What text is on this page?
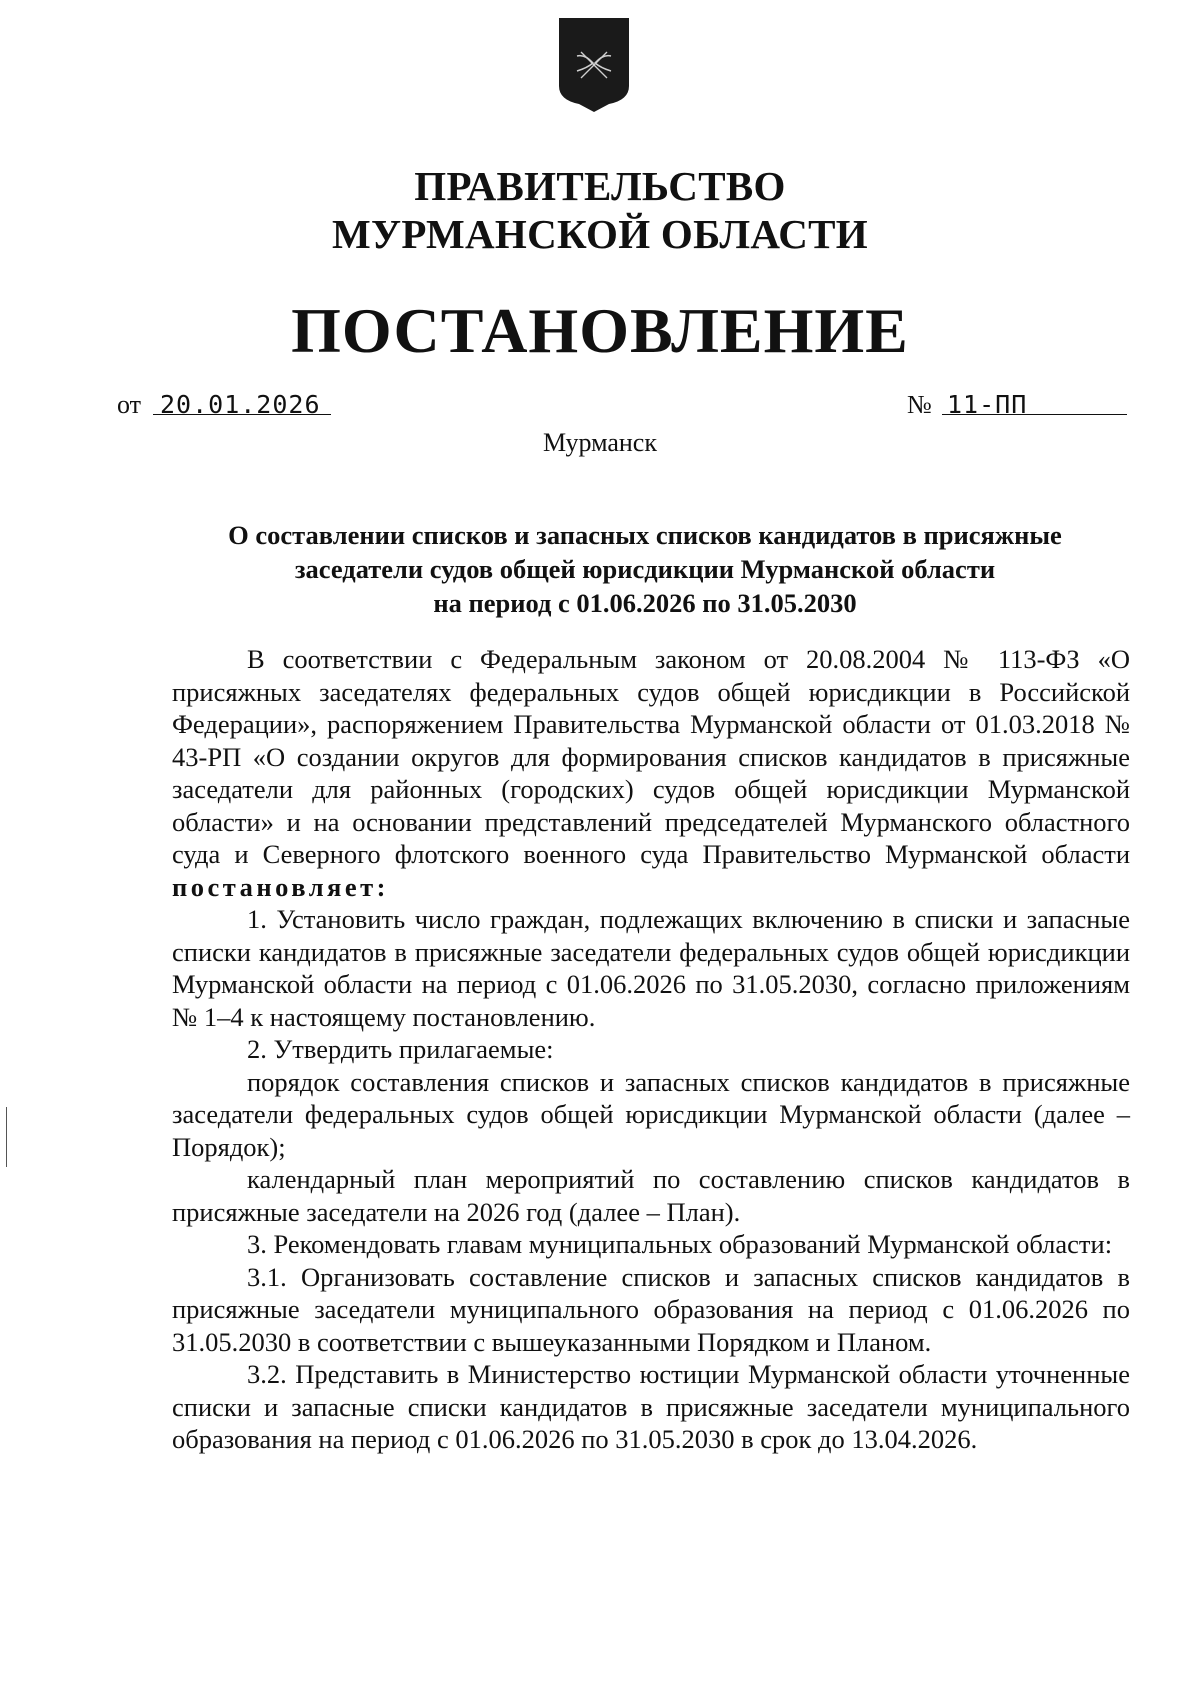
ПРАВИТЕЛЬСТВО
МУРМАНСКОЙ ОБЛАСТИ
ПОСТАНОВЛЕНИЕ
от 20.01.2026	№ 11-ПП
Мурманск
О составлении списков и запасных списков кандидатов в присяжные
заседатели судов общей юрисдикции Мурманской области
на период с 01.06.2026 по 31.05.2030

В соответствии с Федеральным законом от 20.08.2004 № 113-ФЗ «О присяжных заседателях федеральных судов общей юрисдикции в Российской Федерации», распоряжением Правительства Мурманской области от 01.03.2018 № 43-РП «О создании округов для формирования списков кандидатов в присяжные заседатели для районных (городских) судов общей юрисдикции Мурманской области» и на основании представлений председателей Мурманского областного суда и Северного флотского военного суда Правительство Мурманской области постановляет:

1. Установить число граждан, подлежащих включению в списки и запасные списки кандидатов в присяжные заседатели федеральных судов общей юрисдикции Мурманской области на период с 01.06.2026 по 31.05.2030, согласно приложениям № 1–4 к настоящему постановлению.

2. Утвердить прилагаемые:

порядок составления списков и запасных списков кандидатов в присяжные заседатели федеральных судов общей юрисдикции Мурманской области (далее – Порядок);

календарный план мероприятий по составлению списков кандидатов в присяжные заседатели на 2026 год (далее – План).

3. Рекомендовать главам муниципальных образований Мурманской области:

3.1. Организовать составление списков и запасных списков кандидатов в присяжные заседатели муниципального образования на период с 01.06.2026 по 31.05.2030 в соответствии с вышеуказанными Порядком и Планом.

3.2. Представить в Министерство юстиции Мурманской области уточненные списки и запасные списки кандидатов в присяжные заседатели муниципального образования на период с 01.06.2026 по 31.05.2030 в срок до 13.04.2026.
